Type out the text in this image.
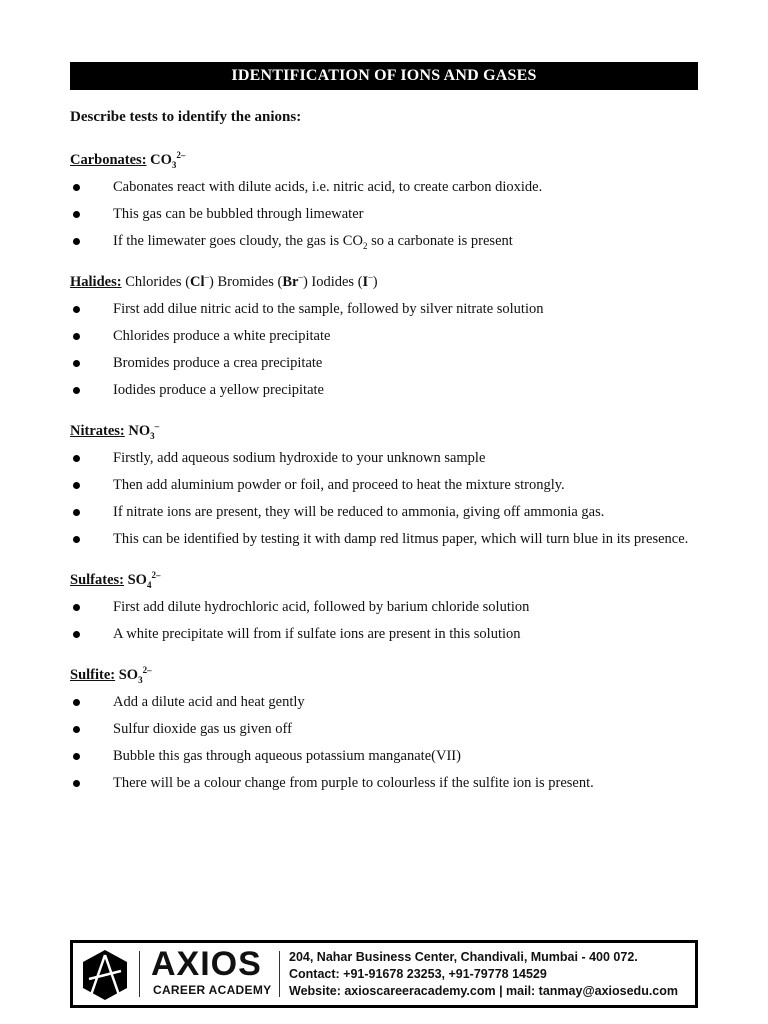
IDENTIFICATION OF IONS AND GASES
Describe tests to identify the anions:
Carbonates: $CO_3^{2-}$
Cabonates react with dilute acids, i.e. nitric acid, to create carbon dioxide.
This gas can be bubbled through limewater
If the limewater goes cloudy, the gas is $CO_2$ so a carbonate is present
Halides: Chlorides (Cl–) Bromides (Br–) Iodides (I–)
First add dilue nitric acid to the sample, followed by silver nitrate solution
Chlorides produce a white precipitate
Bromides produce a crea precipitate
Iodides produce a yellow precipitate
Nitrates: $NO_3^-$
Firstly, add aqueous sodium hydroxide to your unknown sample
Then add aluminium powder or foil, and proceed to heat the mixture strongly.
If nitrate ions are present, they will be reduced to ammonia, giving off ammonia gas.
This can be identified by testing it with damp red litmus paper, which will turn blue in its presence.
Sulfates: $SO_4^{2-}$
First add dilute hydrochloric acid, followed by barium chloride solution
A white precipitate will from if sulfate ions are present in this solution
Sulfite: $SO_3^{2-}$
Add a dilute acid and heat gently
Sulfur dioxide gas us given off
Bubble this gas through aqueous potassium manganate(VII)
There will be a colour change from purple to colourless if the sulfite ion is present.
AXIOS
CAREER ACADEMY
204, Nahar Business Center, Chandivali, Mumbai - 400 072.
Contact: +91-91678 23253, +91-79778 14529
Website: axioscareeracademy.com | mail: tanmay@axiosedu.com
